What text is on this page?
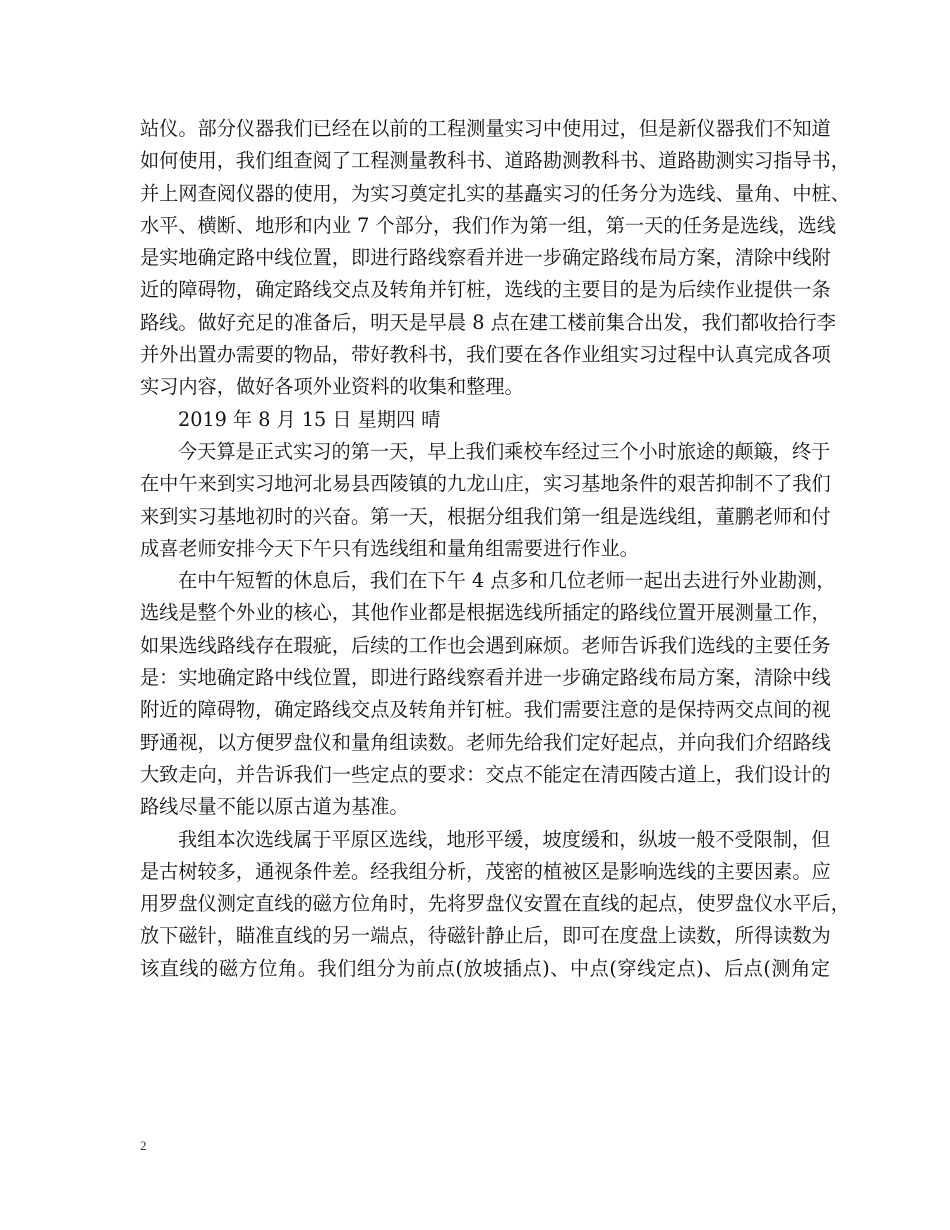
站仪。部分仪器我们已经在以前的工程测量实习中使用过，但是新仪器我们不知道
如何使用，我们组查阅了工程测量教科书、道路勘测教科书、道路勘测实习指导书，
并上网查阅仪器的使用，为实习奠定扎实的基矗实习的任务分为选线、量角、中桩、
水平、横断、地形和内业 7 个部分，我们作为第一组，第一天的任务是选线，选线
是实地确定路中线位置，即进行路线察看并进一步确定路线布局方案，清除中线附
近的障碍物，确定路线交点及转角并钉桩，选线的主要目的是为后续作业提供一条
路线。做好充足的准备后，明天是早晨 8 点在建工楼前集合出发，我们都收拾行李
并外出置办需要的物品，带好教科书，我们要在各作业组实习过程中认真完成各项
实习内容，做好各项外业资料的收集和整理。
2019 年 8 月 15 日 星期四 晴
今天算是正式实习的第一天，早上我们乘校车经过三个小时旅途的颠簸，终于
在中午来到实习地河北易县西陵镇的九龙山庄，实习基地条件的艰苦抑制不了我们
来到实习基地初时的兴奋。第一天，根据分组我们第一组是选线组，董鹏老师和付
成喜老师安排今天下午只有选线组和量角组需要进行作业。
在中午短暂的休息后，我们在下午 4 点多和几位老师一起出去进行外业勘测，
选线是整个外业的核心，其他作业都是根据选线所插定的路线位置开展测量工作，
如果选线路线存在瑕疵，后续的工作也会遇到麻烦。老师告诉我们选线的主要任务
是：实地确定路中线位置，即进行路线察看并进一步确定路线布局方案，清除中线
附近的障碍物，确定路线交点及转角并钉桩。我们需要注意的是保持两交点间的视
野通视，以方便罗盘仪和量角组读数。老师先给我们定好起点，并向我们介绍路线
大致走向，并告诉我们一些定点的要求：交点不能定在清西陵古道上，我们设计的
路线尽量不能以原古道为基准。
我组本次选线属于平原区选线，地形平缓，坡度缓和，纵坡一般不受限制，但
是古树较多，通视条件差。经我组分析，茂密的植被区是影响选线的主要因素。应
用罗盘仪测定直线的磁方位角时，先将罗盘仪安置在直线的起点，使罗盘仪水平后，
放下磁针，瞄准直线的另一端点，待磁针静止后，即可在度盘上读数，所得读数为
该直线的磁方位角。我们组分为前点(放坡插点)、中点(穿线定点)、后点(测角定
2
